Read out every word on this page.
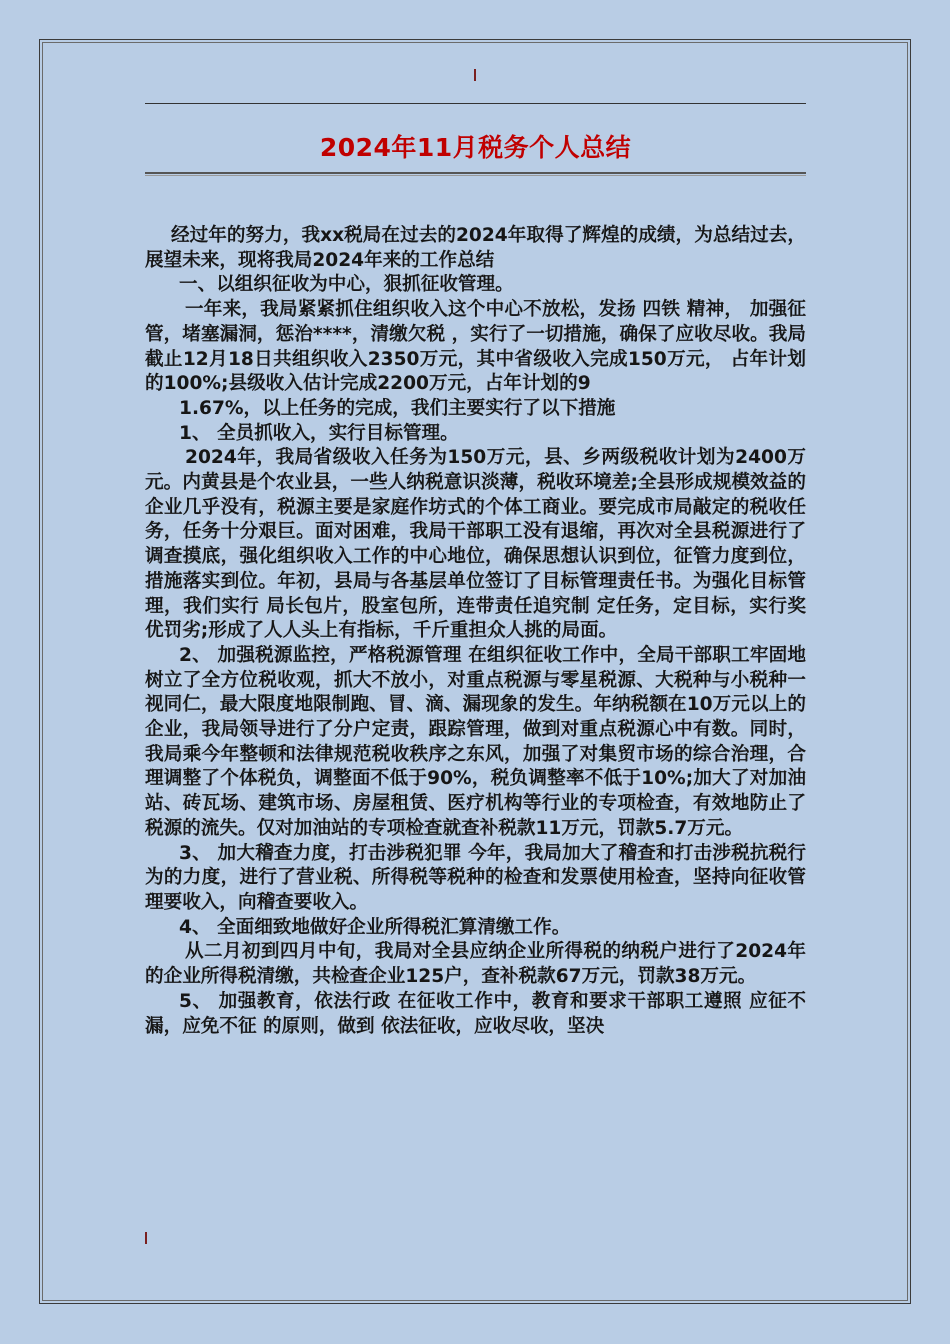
2024年11月税务个人总结

经过年的努力，我xx税局在过去的2024年取得了辉煌的成绩，为总结过去，展望未来，现将我局2024年来的工作总结

一、以组织征收为中心，狠抓征收管理。

一年来，我局紧紧抓住组织收入这个中心不放松，发扬 四铁 精神， 加强征管，堵塞漏洞，惩治****，清缴欠税 ，实行了一切措施，确保了应收尽收。我局截止12月18日共组织收入2350万元，其中省级收入完成150万元， 占年计划的100%;县级收入估计完成2200万元，占年计划的9

1.67%，以上任务的完成，我们主要实行了以下措施

1、 全员抓收入，实行目标管理。

2024年，我局省级收入任务为150万元，县、乡两级税收计划为2400万元。内黄县是个农业县，一些人纳税意识淡薄，税收环境差;全县形成规模效益的企业几乎没有，税源主要是家庭作坊式的个体工商业。要完成市局敲定的税收任务，任务十分艰巨。面对困难，我局干部职工没有退缩，再次对全县税源进行了调查摸底，强化组织收入工作的中心地位，确保思想认识到位，征管力度到位，措施落实到位。年初，县局与各基层单位签订了目标管理责任书。为强化目标管理，我们实行 局长包片，股室包所，连带责任追究制 定任务，定目标，实行奖优罚劣;形成了人人头上有指标，千斤重担众人挑的局面。

2、 加强税源监控，严格税源管理 在组织征收工作中，全局干部职工牢固地树立了全方位税收观，抓大不放小，对重点税源与零星税源、大税种与小税种一视同仁，最大限度地限制跑、冒、滴、漏现象的发生。年纳税额在10万元以上的企业，我局领导进行了分户定责，跟踪管理，做到对重点税源心中有数。同时，我局乘今年整顿和法律规范税收秩序之东风，加强了对集贸市场的综合治理，合理调整了个体税负，调整面不低于90%，税负调整率不低于10%;加大了对加油站、砖瓦场、建筑市场、房屋租赁、医疗机构等行业的专项检查，有效地防止了税源的流失。仅对加油站的专项检查就查补税款11万元，罚款5.7万元。

3、 加大稽查力度，打击涉税犯罪 今年，我局加大了稽查和打击涉税抗税行为的力度，进行了营业税、所得税等税种的检查和发票使用检查，坚持向征收管理要收入，向稽查要收入。

4、 全面细致地做好企业所得税汇算清缴工作。

从二月初到四月中旬，我局对全县应纳企业所得税的纳税户进行了2024年的企业所得税清缴，共检查企业125户，查补税款67万元，罚款38万元。

5、 加强教育，依法行政 在征收工作中，教育和要求干部职工遵照 应征不漏，应免不征 的原则，做到 依法征收，应收尽收，坚决
